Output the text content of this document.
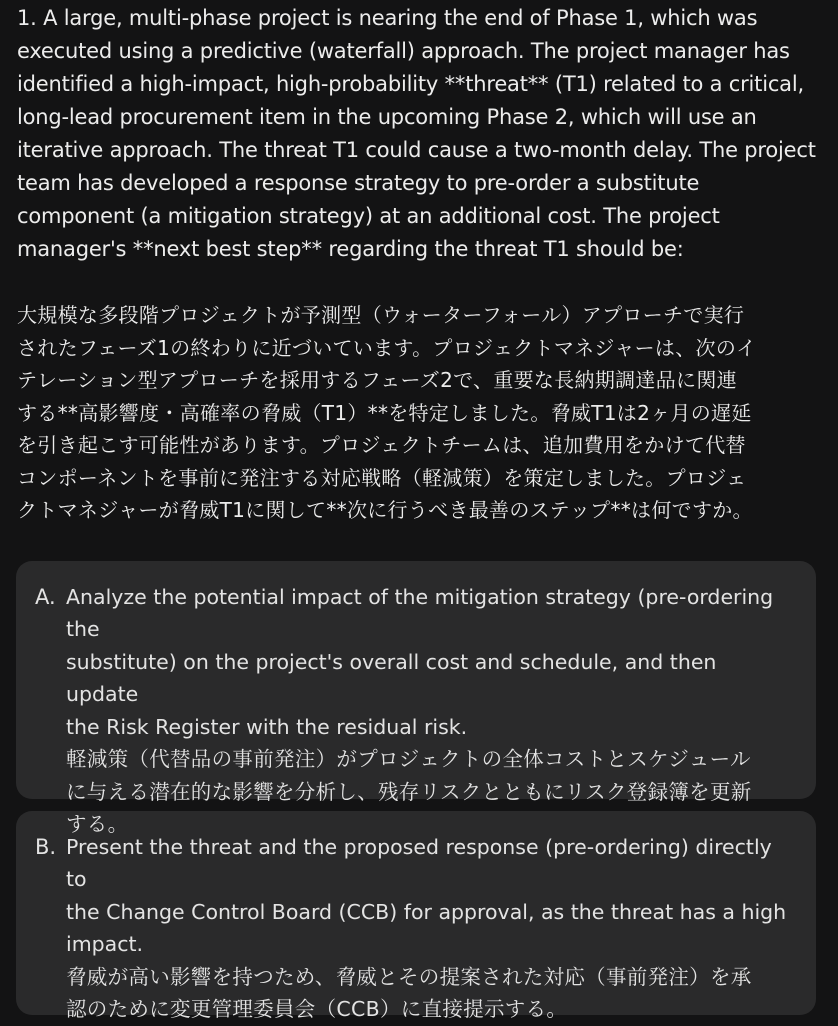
1. A large, multi-phase project is nearing the end of Phase 1, which was
executed using a predictive (waterfall) approach. The project manager has
identified a high-impact, high-probability **threat** (T1) related to a critical,
long-lead procurement item in the upcoming Phase 2, which will use an
iterative approach. The threat T1 could cause a two-month delay. The project
team has developed a response strategy to pre-order a substitute
component (a mitigation strategy) at an additional cost. The project
manager's **next best step** regarding the threat T1 should be:

大規模な多段階プロジェクトが予測型（ウォーターフォール）アプローチで実行
されたフェーズ1の終わりに近づいています。プロジェクトマネジャーは、次のイ
テレーション型アプローチを採用するフェーズ2で、重要な長納期調達品に関連
する**高影響度・高確率の脅威（T1）**を特定しました。脅威T1は2ヶ月の遅延
を引き起こす可能性があります。プロジェクトチームは、追加費用をかけて代替
コンポーネントを事前に発注する対応戦略（軽減策）を策定しました。プロジェ
クトマネジャーが脅威T1に関して**次に行うべき最善のステップ**は何ですか。

A. Analyze the potential impact of the mitigation strategy (pre-ordering the
substitute) on the project's overall cost and schedule, and then update
the Risk Register with the residual risk.
軽減策（代替品の事前発注）がプロジェクトの全体コストとスケジュール
に与える潜在的な影響を分析し、残存リスクとともにリスク登録簿を更新
する。
B. Present the threat and the proposed response (pre-ordering) directly to
the Change Control Board (CCB) for approval, as the threat has a high
impact.
脅威が高い影響を持つため、脅威とその提案された対応（事前発注）を承
認のために変更管理委員会（CCB）に直接提示する。
